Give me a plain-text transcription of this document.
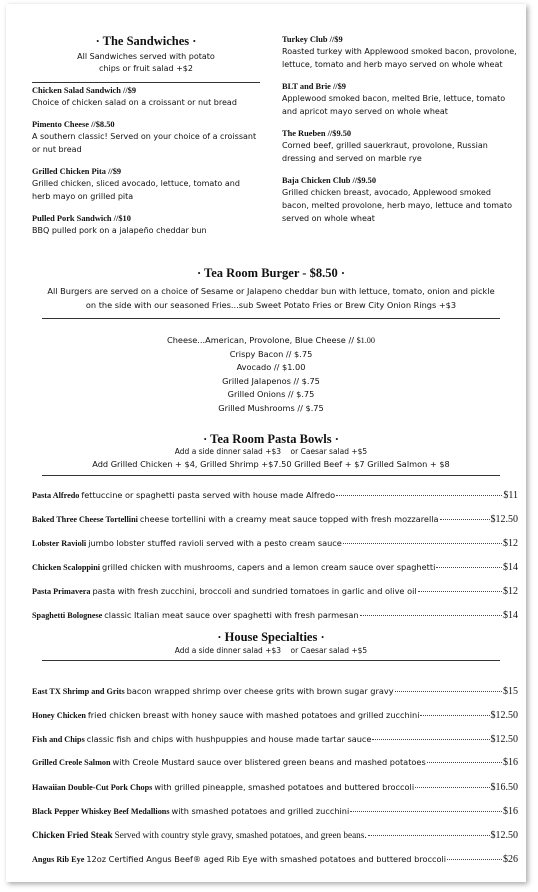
· The Sandwiches ·
All Sandwiches served with potato chips or fruit salad +$2
Chicken Salad Sandwich //$9
Choice of chicken salad on a croissant or nut bread
Pimento Cheese //$8.50
A southern classic! Served on your choice of a croissant or nut bread
Grilled Chicken Pita //$9
Grilled chicken, sliced avocado, lettuce, tomato and herb mayo on grilled pita
Pulled Pork Sandwich //$10
BBQ pulled pork on a jalapeño cheddar bun
Turkey Club //$9
Roasted turkey with Applewood smoked bacon, provolone, lettuce, tomato and herb mayo served on whole wheat
BLT and Brie //$9
Applewood smoked bacon, melted Brie, lettuce, tomato and apricot mayo served on whole wheat
The Rueben //$9.50
Corned beef, grilled sauerkraut, provolone, Russian dressing and served on marble rye
Baja Chicken Club //$9.50
Grilled chicken breast, avocado, Applewood smoked bacon, melted provolone, herb mayo, lettuce and tomato served on whole wheat
· Tea Room Burger - $8.50 ·
All Burgers are served on a choice of Sesame or Jalapeno cheddar bun with lettuce, tomato, onion and pickle
on the side with our seasoned Fries...sub Sweet Potato Fries or Brew City Onion Rings +$3
Cheese...American, Provolone, Blue Cheese // $1.00
Crispy Bacon // $.75
Avocado // $1.00
Grilled Jalapenos // $.75
Grilled Onions // $.75
Grilled Mushrooms // $.75
· Tea Room Pasta Bowls ·
Add a side dinner salad +$3    or Caesar salad +$5
Add Grilled Chicken + $4, Grilled Shrimp +$7.50 Grilled Beef + $7 Grilled Salmon + $8
Pasta Alfredo fettuccine or spaghetti pasta served with house made Alfredo	$11
Baked Three Cheese Tortellini cheese tortellini with a creamy meat sauce topped with fresh mozzarella	$12.50
Lobster Ravioli jumbo lobster stuffed ravioli served with a pesto cream sauce	$12
Chicken Scaloppini grilled chicken with mushrooms, capers and a lemon cream sauce over spaghetti	$14
Pasta Primavera pasta with fresh zucchini, broccoli and sundried tomatoes in garlic and olive oil	$12
Spaghetti Bolognese classic Italian meat sauce over spaghetti with fresh parmesan	$14
· House Specialties ·
Add a side dinner salad +$3    or Caesar salad +$5
East TX Shrimp and Grits bacon wrapped shrimp over cheese grits with brown sugar gravy	$15
Honey Chicken fried chicken breast with honey sauce with mashed potatoes and grilled zucchini	$12.50
Fish and Chips classic fish and chips with hushpuppies and house made tartar sauce	$12.50
Grilled Creole Salmon with Creole Mustard sauce over blistered green beans and mashed potatoes	$16
Hawaiian Double-Cut Pork Chops with grilled pineapple, smashed potatoes and buttered broccoli	$16.50
Black Pepper Whiskey Beef Medallions with smashed potatoes and grilled zucchini	$16
Chicken Fried Steak Served with country style gravy, smashed potatoes, and green beans.	$12.50
Angus Rib Eye 12oz Certified Angus Beef® aged Rib Eye with smashed potatoes and buttered broccoli	$26
